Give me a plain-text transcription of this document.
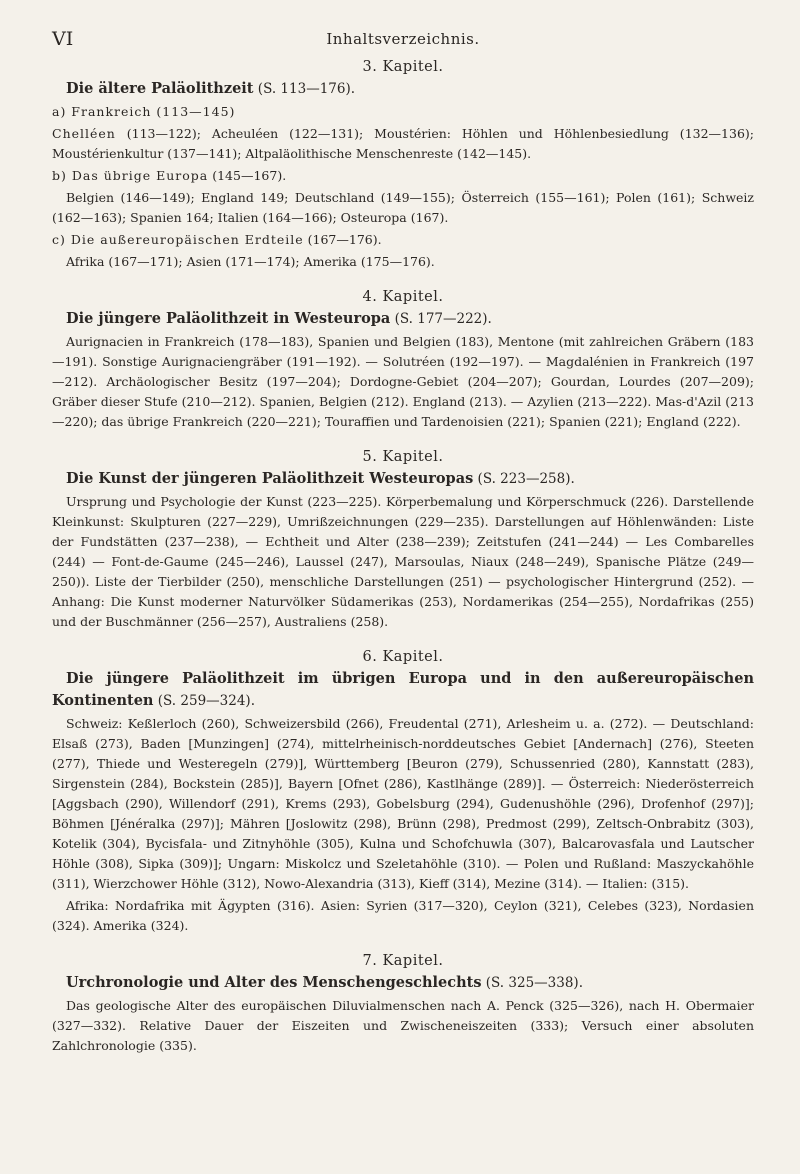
VI	Inhaltsverzeichnis.
3. Kapitel.
Die ältere Paläolithzeit (S. 113—176).
a) Frankreich (113—145)
Chelléen (113—122); Acheuléen (122—131); Moustérien: Höhlen und Höhlenbesiedlung (132—136); Moustérienkultur (137—141); Altpaläolithische Menschenreste (142—145).
b) Das übrige Europa (145—167).
Belgien (146—149); England 149; Deutschland (149—155); Österreich (155—161); Polen (161); Schweiz (162—163); Spanien 164; Italien (164—166); Osteuropa (167).
c) Die außereuropäischen Erdteile (167—176).
Afrika (167—171); Asien (171—174); Amerika (175—176).
4. Kapitel.
Die jüngere Paläolithzeit in Westeuropa (S. 177—222).
Aurignacien in Frankreich (178—183), Spanien und Belgien (183), Mentone (mit zahlreichen Gräbern (183—191). Sonstige Aurignaciengräber (191—192). — Solutréen (192—197). — Magdalénien in Frankreich (197—212). Archäologischer Besitz (197—204); Dordogne-Gebiet (204—207); Gourdan, Lourdes (207—209); Gräber dieser Stufe (210—212). Spanien, Belgien (212). England (213). — Azylien (213—222). Mas-d'Azil (213—220); das übrige Frankreich (220—221); Touraffien und Tardenoisien (221); Spanien (221); England (222).
5. Kapitel.
Die Kunst der jüngeren Paläolithzeit Westeuropas (S. 223—258).
Ursprung und Psychologie der Kunst (223—225). Körperbemalung und Körperschmuck (226). Darstellende Kleinkunst: Skulpturen (227—229), Umrißzeichnungen (229—235). Darstellungen auf Höhlenwänden: Liste der Fundstätten (237—238), — Echtheit und Alter (238—239); Zeitstufen (241—244) — Les Combarelles (244) — Font-de-Gaume (245—246), Laussel (247), Marsoulas, Niaux (248—249), Spanische Plätze (249—250)). Liste der Tierbilder (250), menschliche Darstellungen (251) — psychologischer Hintergrund (252). — Anhang: Die Kunst moderner Naturvölker Südamerikas (253), Nordamerikas (254—255), Nordafrikas (255) und der Buschmänner (256—257), Australiens (258).
6. Kapitel.
Die jüngere Paläolithzeit im übrigen Europa und in den außereuropäischen Kontinenten (S. 259—324).
Schweiz: Keßlerloch (260), Schweizersbild (266), Freudental (271), Arlesheim u. a. (272). — Deutschland: Elsaß (273), Baden [Munzingen] (274), mittelrheinisch-norddeutsches Gebiet [Andernach] (276), Steeten (277), Thiede und Westeregeln (279)], Württemberg [Beuron (279), Schussenried (280), Kannstatt (283), Sirgenstein (284), Bockstein (285)], Bayern [Ofnet (286), Kastlhänge (289)]. — Österreich: Niederösterreich [Aggsbach (290), Willendorf (291), Krems (293), Gobelsburg (294), Gudenushöhle (296), Drofenhof (297)]; Böhmen [Jénéralka (297)]; Mähren [Joslowitz (298), Brünn (298), Predmost (299), Zeltsch-Onbrabitz (303), Kotelik (304), Bycisfala- und Zitnyhöhle (305), Kulna und Schofchuwla (307), Balcarovasfala und Lautscher Höhle (308), Sipka (309)]; Ungarn: Miskolcz und Szeletahöhle (310). — Polen und Rußland: Maszyckahöhle (311), Wierzchower Höhle (312), Nowo-Alexandria (313), Kieff (314), Mezine (314). — Italien: (315).
Afrika: Nordafrika mit Ägypten (316). Asien: Syrien (317—320), Ceylon (321), Celebes (323), Nordasien (324). Amerika (324).
7. Kapitel.
Urchronologie und Alter des Menschengeschlechts (S. 325—338).
Das geologische Alter des europäischen Diluvialmenschen nach A. Penck (325—326), nach H. Obermaier (327—332). Relative Dauer der Eiszeiten und Zwischeneiszeiten (333); Versuch einer absoluten Zahlchronologie (335).
